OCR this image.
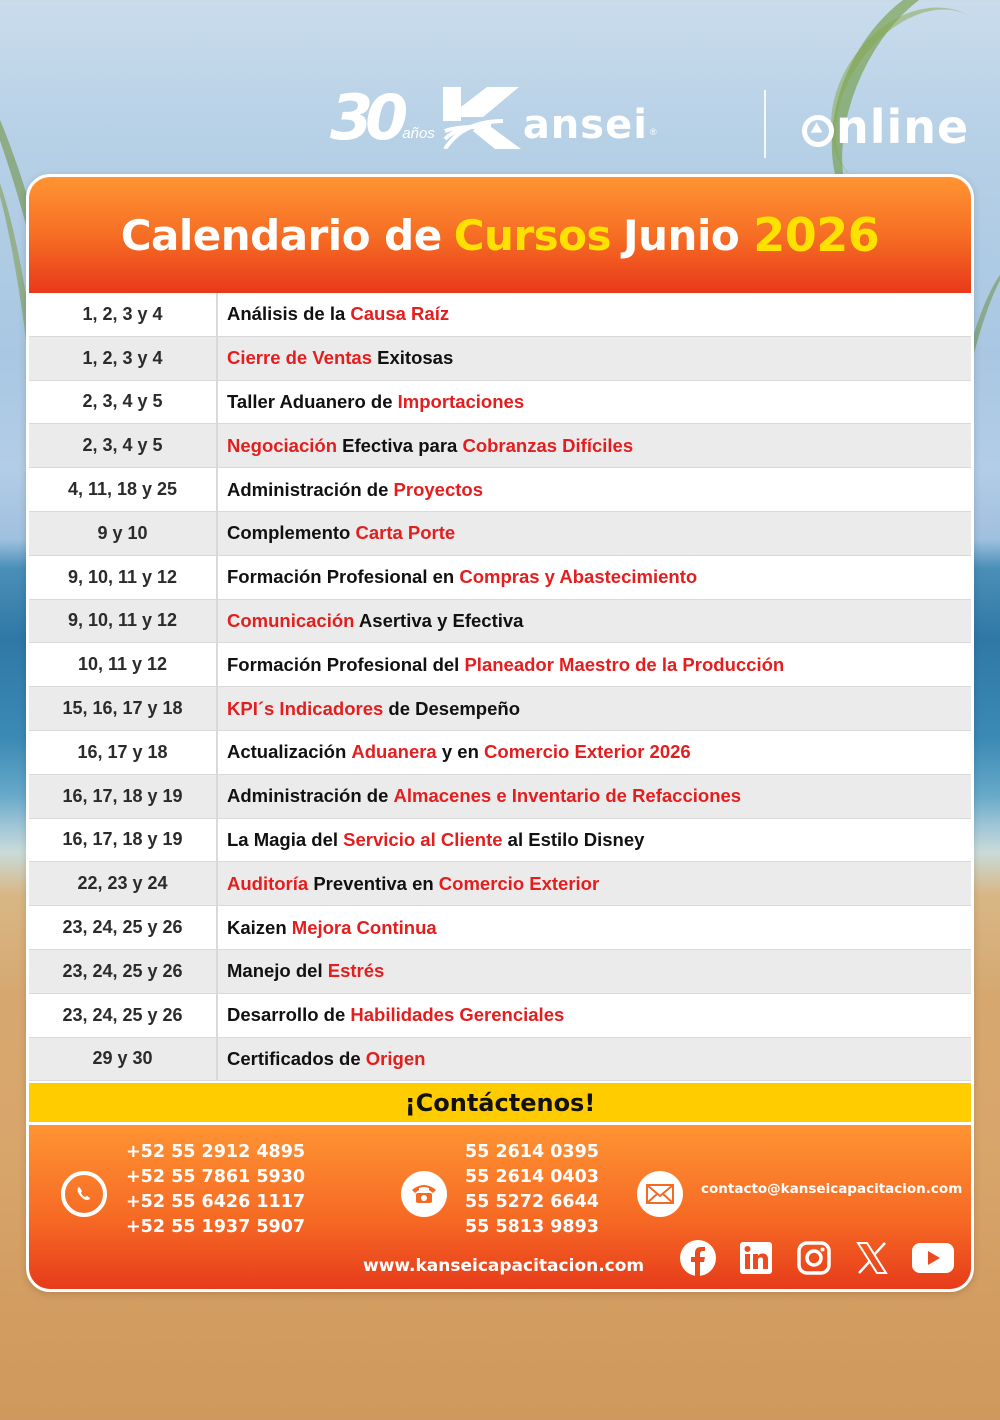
30 años ansei ®	nline
Calendario de Cursos Junio 2026
1, 2, 3 y 4	Análisis de la Causa Raíz
1, 2, 3 y 4	Cierre de Ventas Exitosas
2, 3, 4 y 5	Taller Aduanero de Importaciones
2, 3, 4 y 5	Negociación Efectiva para Cobranzas Difíciles
4, 11, 18 y 25	Administración de Proyectos
9 y 10	Complemento Carta Porte
9, 10, 11 y 12	Formación Profesional en Compras y Abastecimiento
9, 10, 11 y 12	Comunicación Asertiva y Efectiva
10, 11 y 12	Formación Profesional del Planeador Maestro de la Producción
15, 16, 17 y 18	KPI´s Indicadores de Desempeño
16, 17 y 18	Actualización Aduanera y en Comercio Exterior 2026
16, 17, 18 y 19	Administración de Almacenes e Inventario de Refacciones
16, 17, 18 y 19	La Magia del Servicio al Cliente al Estilo Disney
22, 23 y 24	Auditoría Preventiva en Comercio Exterior
23, 24, 25 y 26	Kaizen Mejora Continua
23, 24, 25 y 26	Manejo del Estrés
23, 24, 25 y 26	Desarrollo de Habilidades Gerenciales
29 y 30	Certificados de Origen
¡Contáctenos!
+52 55 2912 4895
+52 55 7861 5930
+52 55 6426 1117
+52 55 1937 5907
55 2614 0395
55 2614 0403
55 5272 6644
55 5813 9893
contacto@kanseicapacitacion.com
www.kanseicapacitacion.com
